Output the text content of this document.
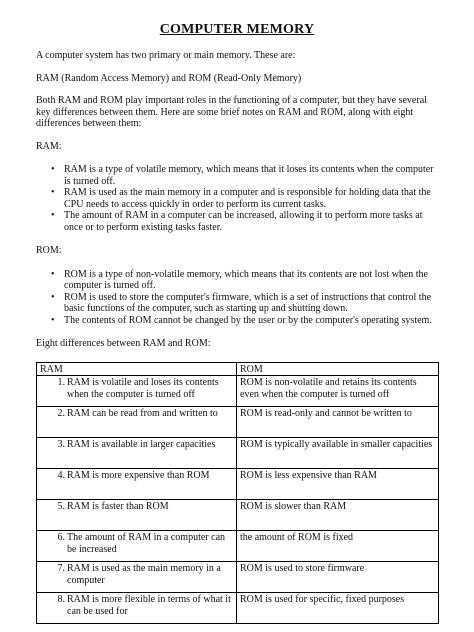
COMPUTER MEMORY

A computer system has two primary or main memory. These are:

RAM (Random Access Memory) and ROM (Read-Only Memory)

Both RAM and ROM play important roles in the functioning of a computer, but they have several key differences between them. Here are some brief notes on RAM and ROM, along with eight differences between them:

RAM:

• RAM is a type of volatile memory, which means that it loses its contents when the computer is turned off.
• RAM is used as the main memory in a computer and is responsible for holding data that the CPU needs to access quickly in order to perform its current tasks.
• The amount of RAM in a computer can be increased, allowing it to perform more tasks at once or to perform existing tasks faster.

ROM:

• ROM is a type of non-volatile memory, which means that its contents are not lost when the computer is turned off.
• ROM is used to store the computer's firmware, which is a set of instructions that control the basic functions of the computer, such as starting up and shutting down.
• The contents of ROM cannot be changed by the user or by the computer's operating system.

Eight differences between RAM and ROM:

RAM	ROM

1. RAM is volatile and loses its contents when the computer is turned off	ROM is non-volatile and retains its contents even when the computer is turned off

2. RAM can be read from and written to	ROM is read-only and cannot be written to

3. RAM is available in larger capacities	ROM is typically available in smaller capacities

4. RAM is more expensive than ROM	ROM is less expensive than RAM

5. RAM is faster than ROM	ROM is slower than RAM

6. The amount of RAM in a computer can be increased	the amount of ROM is fixed

7. RAM is used as the main memory in a computer	ROM is used to store firmware

8. RAM is more flexible in terms of what it can be used for	ROM is used for specific, fixed purposes
